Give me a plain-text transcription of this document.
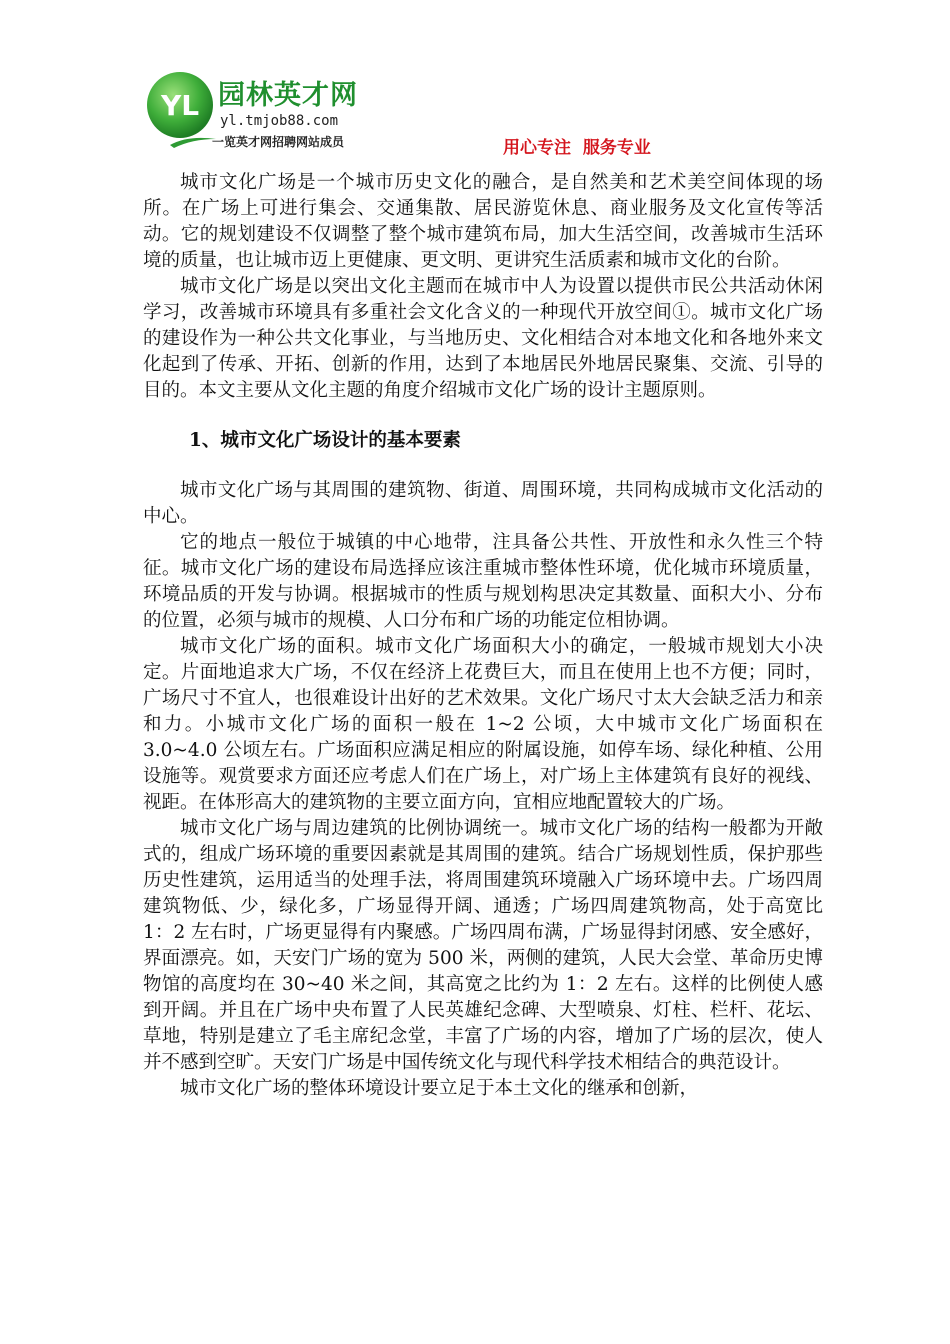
YL 园林英才网
yl.tmjob88.com
一览英才网招聘网站成员	用心专注  服务专业

城市文化广场是一个城市历史文化的融合，是自然美和艺术美空间体现的场所。在广场上可进行集会、交通集散、居民游览休息、商业服务及文化宣传等活动。它的规划建设不仅调整了整个城市建筑布局，加大生活空间，改善城市生活环境的质量，也让城市迈上更健康、更文明、更讲究生活质素和城市文化的台阶。

城市文化广场是以突出文化主题而在城市中人为设置以提供市民公共活动休闲学习，改善城市环境具有多重社会文化含义的一种现代开放空间①。城市文化广场的建设作为一种公共文化事业，与当地历史、文化相结合对本地文化和各地外来文化起到了传承、开拓、创新的作用，达到了本地居民外地居民聚集、交流、引导的目的。本文主要从文化主题的角度介绍城市文化广场的设计主题原则。

1、城市文化广场设计的基本要素

城市文化广场与其周围的建筑物、街道、周围环境，共同构成城市文化活动的中心。

它的地点一般位于城镇的中心地带，注具备公共性、开放性和永久性三个特征。城市文化广场的建设布局选择应该注重城市整体性环境，优化城市环境质量，环境品质的开发与协调。根据城市的性质与规划构思决定其数量、面积大小、分布的位置，必须与城市的规模、人口分布和广场的功能定位相协调。

城市文化广场的面积。城市文化广场面积大小的确定，一般城市规划大小决定。片面地追求大广场，不仅在经济上花费巨大，而且在使用上也不方便；同时，广场尺寸不宜人，也很难设计出好的艺术效果。文化广场尺寸太大会缺乏活力和亲和力。小城市文化广场的面积一般在 1~2 公顷，大中城市文化广场面积在 3.0~4.0 公顷左右。广场面积应满足相应的附属设施，如停车场、绿化种植、公用设施等。观赏要求方面还应考虑人们在广场上，对广场上主体建筑有良好的视线、视距。在体形高大的建筑物的主要立面方向，宜相应地配置较大的广场。

城市文化广场与周边建筑的比例协调统一。城市文化广场的结构一般都为开敞式的，组成广场环境的重要因素就是其周围的建筑。结合广场规划性质，保护那些历史性建筑，运用适当的处理手法，将周围建筑环境融入广场环境中去。广场四周建筑物低、少，绿化多，广场显得开阔、通透；广场四周建筑物高，处于高宽比 1：2 左右时，广场更显得有内聚感。广场四周布满，广场显得封闭感、安全感好，界面漂亮。如，天安门广场的宽为 500 米，两侧的建筑，人民大会堂、革命历史博物馆的高度均在 30~40 米之间，其高宽之比约为 1：2 左右。这样的比例使人感到开阔。并且在广场中央布置了人民英雄纪念碑、大型喷泉、灯柱、栏杆、花坛、草地，特别是建立了毛主席纪念堂，丰富了广场的内容，增加了广场的层次，使人并不感到空旷。天安门广场是中国传统文化与现代科学技术相结合的典范设计。

城市文化广场的整体环境设计要立足于本土文化的继承和创新，
